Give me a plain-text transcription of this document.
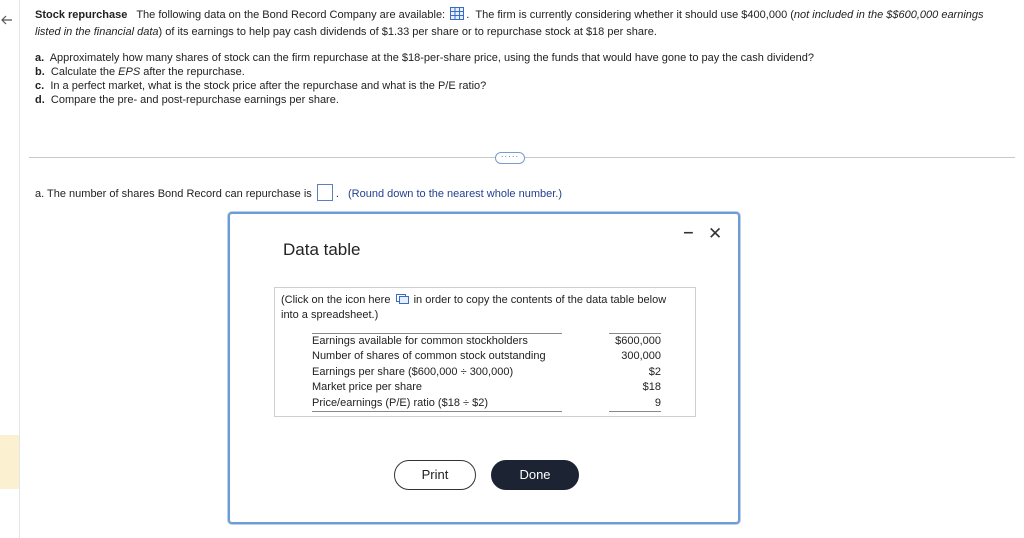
Stock repurchase The following data on the Bond Record Company are available: .  The firm is currently considering whether it should use $400,000 (not included in the $$600,000 earnings listed in the financial data) of its earnings to help pay cash dividends of $1.33 per share or to repurchase stock at $18 per share.
a. Approximately how many shares of stock can the firm repurchase at the $18-per-share price, using the funds that would have gone to pay the cash dividend?
b. Calculate the EPS after the repurchase.
c. In a perfect market, what is the stock price after the repurchase and what is the P/E ratio?
d. Compare the pre- and post-repurchase earnings per share.
·····
a. The number of shares Bond Record can repurchase is . (Round down to the nearest whole number.)
‒ ✕
Data table
(Click on the icon here in order to copy the contents of the data table below into a spreadsheet.)
Earnings available for common stockholders	$600,000
Number of shares of common stock outstanding	300,000
Earnings per share ($600,000 ÷ 300,000)	$2
Market price per share	$18
Price/earnings (P/E) ratio ($18 ÷ $2)	9
Print	Done
